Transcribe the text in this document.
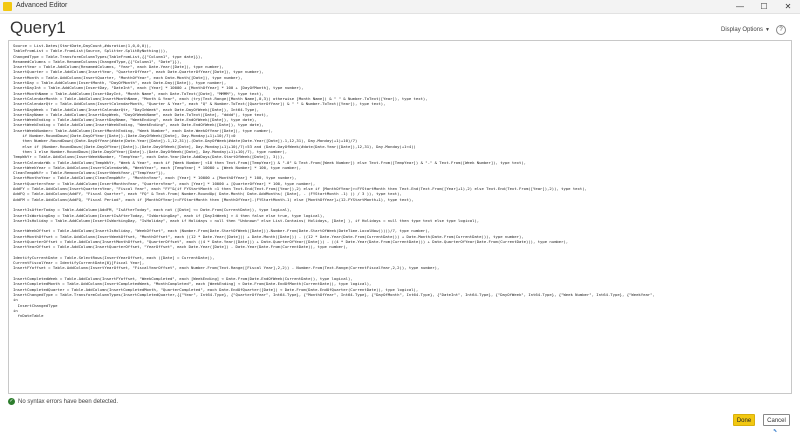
Advanced Editor	—	☐	✕
Query1	Display Options ▼	?
Source = List.Dates(StartDate,DayCount,#duration(1,0,0,0)),
TableFromList = Table.FromList(Source, Splitter.SplitByNothing()),
ChangedType = Table.TransformColumnTypes(TableFromList,{{"Column1", type date}}),
RenamedColumns = Table.RenameColumns(ChangedType,{{"Column1", "Date"}}),
InsertYear = Table.AddColumn(RenamedColumns, "Year", each Date.Year([Date]), type number),
InsertQuarter = Table.AddColumn(InsertYear, "QuarterOfYear", each Date.QuarterOfYear([Date]), type number),
InsertMonth = Table.AddColumn(InsertQuarter, "MonthOfYear", each Date.Month([Date]), type number),
InsertDay = Table.AddColumn(InsertMonth, "DayOfMonth", each Date.Day([Date]), type number),
InsertDayInt = Table.AddColumn(InsertDay, "DateInt", each [Year] * 10000 + [MonthOfYear] * 100 + [DayOfMonth], type number),
InsertMonthName = Table.AddColumn(InsertDayInt, "Month Name", each Date.ToText([Date], "MMMM"), type text),
InsertCalendarMonth = Table.AddColumn(InsertMonthName, "Month & Year", each (try(Text.Range([Month Name],0,3)) otherwise [Month Name]) & " " & Number.ToText([Year]), type text),
InsertCalendarQtr = Table.AddColumn(InsertCalendarMonth, "Quarter & Year", each "Q" & Number.ToText([QuarterOfYear]) & " " & Number.ToText([Year]), type text),
InsertDayWeek = Table.AddColumn(InsertCalendarQtr, "DayInWeek", each Date.DayOfWeek([Date]), Int64.Type),
InsertDayName = Table.AddColumn(InsertDayWeek, "DayOfWeekName", each Date.ToText([Date], "dddd"), type text),
InsertWeekEnding = Table.AddColumn(InsertDayName, "WeekEnding", each Date.EndOfWeek([Date]), type date),
InsertWeekEnding = Table.AddColumn(InsertWeekEnding, "WeekEnding", each Date.EndOfWeek([Date]), type date),
InsertWeekNumber= Table.AddColumn(InsertMonthEnding, "Week Number", each Date.WeekOfYear([Date]), type number),
if Number.RoundDown((Date.DayOfYear([Date])-(Date.DayOfWeek([Date], Day.Monday)+1)+10)/7)=0
then Number.RoundDown((Date.DayOfYear(#date(Date.Year([Date])-1,12,31))-(Date.DayOfWeek(#date(Date.Year([Date])-1,12,31), Day.Monday)+1)+10)/7)
else if (Number.RoundDown((Date.DayOfYear([Date])-(Date.DayOfWeek([Date], Day.Monday)+1)+10)/7)=53 and (Date.DayOfWeek(#date(Date.Year([Date]),12,31), Day.Monday)+1<4))
then 1 else Number.RoundDown((Date.DayOfYear([Date])-(Date.DayOfWeek([Date], Day.Monday)+1)+10)/7), type number),
TempWkYr = Table.AddColumn(InsertWeekNumber, "TempYear", each Date.Year(Date.AddDays(Date.StartOfWeek([Date]), 3))),
InsertCalendarWk = Table.AddColumn(TempWkYr, "Week & Year", each if [Week Number] <10 then Text.From([TempYear]) & "-0" & Text.From([Week Number]) else Text.From([TempYear]) & "-" & Text.From([Week Number]), type text),
InsertWeekYear = Table.AddColumn(InsertCalendarWk, "WeekYear", each [TempYear] * 10000 + [Week Number] * 100, type number),
CleanTempWkYr = Table.RemoveColumns(InsertWeekYear,{"TempYear"}),
InsertMonthnYear = Table.AddColumn(CleanTempWkYr , "MonthnYear", each [Year] * 10000 + [MonthOfYear] * 100, type number),
InsertQuarternYear = Table.AddColumn(InsertMonthnYear, "QuarternYear", each [Year] * 10000 + [QuarterOfYear] * 100, type number),
AddFY = Table.AddColumn(InsertQuarternYear, "Fiscal Year", each "FY"&(if FYStartMonth =1 then Text.End(Text.From([Year]),2) else if [MonthOfYear]>=FYStartMonth then Text.End(Text.From([Year]+1),2) else Text.End(Text.From([Year]),2)), type text),
AddFQ = Table.AddColumn(AddFY, "Fiscal Quarter", each "FQ" & Text.From( Number.RoundUp( Date.Month( Date.AddMonths( [Date], - (FYStartMonth -1) )) / 3 )), type text),
AddFM = Table.AddColumn(AddFQ, "Fiscal Period", each if [MonthOfYear]>=FYStartMonth then [MonthOfYear]-(FYStartMonth-1) else [MonthOfYear]+(12-FYStartMonth+1), type text),
InsertIsAfterToday = Table.AddColumn(AddFM, "IsAfterToday", each not ([Date] <= Date.From(CurrentDate)), type logical),
InsertIsWorkingDay = Table.AddColumn(InsertIsAfterToday, "IsWorkingDay", each if [DayInWeek] > 4 then false else true, type logical),
InsertIsHoliday = Table.AddColumn(InsertIsWorkingDay, "IsHoliday", each if Holidays = null then "Unknown" else List.Contains( Holidays, [Date] ), if Holidays = null then type text else type logical),
InsertWeekOffset = Table.AddColumn(InsertIsHoliday, "WeekOffset", each (Number.From(Date.StartOfWeek([Date]))-Number.From(Date.StartOfWeek(DateTime.LocalNow())))/7, type number),
InsertMonthOffset = Table.AddColumn(InsertWeekOffset, "MonthOffset", each ((12 * Date.Year([Date])) + Date.Month([Date])) - ((12 * Date.Year(Date.From(CurrentDate))) + Date.Month(Date.From(CurrentDate))), type number),
InsertQuarterOffset = Table.AddColumn(InsertMonthOffset, "QuarterOffset", each ((4 * Date.Year([Date])) + Date.QuarterOfYear([Date])) - ((4 * Date.Year(Date.From(CurrentDate))) + Date.QuarterOfYear(Date.From(CurrentDate))), type number),
InsertYearOffset = Table.AddColumn(InsertQuarterOffset, "YearOffset", each Date.Year([Date]) - Date.Year(Date.From(CurrentDate)), type number),
IdentifyCurrentDate = Table.SelectRows(InsertYearOffset, each ([Date] = CurrentDate)),
CurrentFiscalYear = IdentifyCurrentDate{0}[Fiscal Year],
InsertFYoffset = Table.AddColumn(InsertYearOffset, "FiscalYearOffset", each Number.From(Text.Range([Fiscal Year],2,2)) - Number.From(Text.Range(CurrentFiscalYear,2,2)), type number),
InsertCompletedWeek = Table.AddColumn(InsertFYoffset, "WeekCompleted", each [WeekEnding] < Date.From(Date.EndOfWeek(CurrentDate)), type logical),
InsertCompletedMonth = Table.AddColumn(InsertCompletedWeek, "MonthCompleted", each [WeekEnding] < Date.From(Date.EndOfMonth(CurrentDate)), type logical),
InsertCompletedQuarter = Table.AddColumn(InsertCompletedMonth, "QuarterCompleted", each Date.EndOfQuarter([Date]) < Date.From(Date.EndOfQuarter(CurrentDate)), type logical),
InsertChangedType = Table.TransformColumnTypes(InsertCompletedQuarter,{{"Year", Int64.Type}, {"QuarterOfYear", Int64.Type}, {"MonthOfYear", Int64.Type}, {"DayOfMonth", Int64.Type}, {"DateInt", Int64.Type}, {"DayOfWeek", Int64.Type}, {"Week Number", Int64.Type}, {"WeekYear",
in
InsertChangedType
in
fnDateTable
✓ No syntax errors have been detected.
Done	Cancel
⬉
